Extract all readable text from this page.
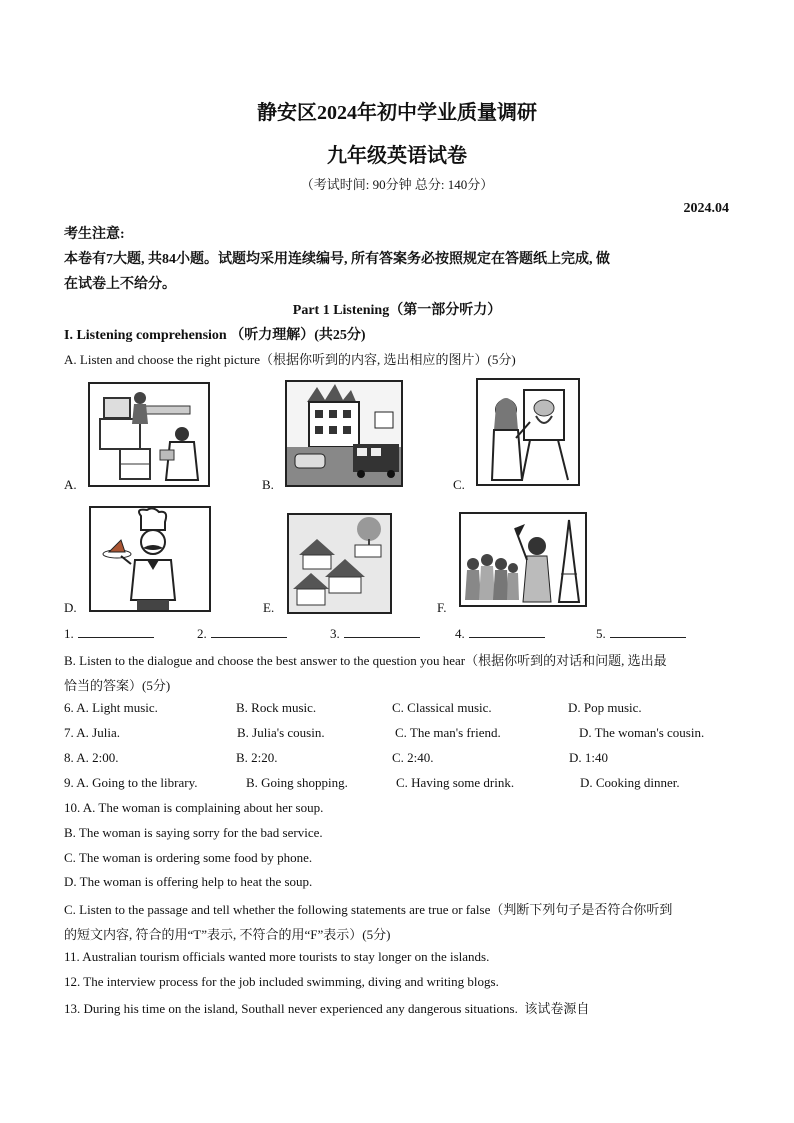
静安区2024年初中学业质量调研
九年级英语试卷
（考试时间: 90分钟 总分: 140分）
2024.04
考生注意:
本卷有7大题, 共84小题。试题均采用连续编号, 所有答案务必按照规定在答题纸上完成, 做
在试卷上不给分。
Part 1 Listening（第一部分听力）
I. Listening comprehension （听力理解）(共25分)
A. Listen and choose the right picture（根据你听到的内容, 选出相应的图片）(5分)
A.	B.	C.
D.	E.	F.
1.	2.	3.	4.	5.
B. Listen to the dialogue and choose the best answer to the question you hear（根据你听到的对话和问题, 选出最
恰当的答案）(5分)
6. A. Light music.	B. Rock music.	C. Classical music.	D. Pop music.
7. A. Julia.	B. Julia's cousin.	C. The man's friend.	D. The woman's cousin.
8. A. 2:00.	B. 2:20.	C. 2:40.	D. 1:40
9. A. Going to the library.	B. Going shopping.	C. Having some drink.	D. Cooking dinner.
10. A. The woman is complaining about her soup.
B. The woman is saying sorry for the bad service.
C. The woman is ordering some food by phone.
D. The woman is offering help to heat the soup.
C. Listen to the passage and tell whether the following statements are true or false（判断下列句子是否符合你听到
的短文内容, 符合的用“T”表示, 不符合的用“F”表示）(5分)
11. Australian tourism officials wanted more tourists to stay longer on the islands.
12. The interview process for the job included swimming, diving and writing blogs.
13. During his time on the island, Southall never experienced any dangerous situations. 该试卷源自
